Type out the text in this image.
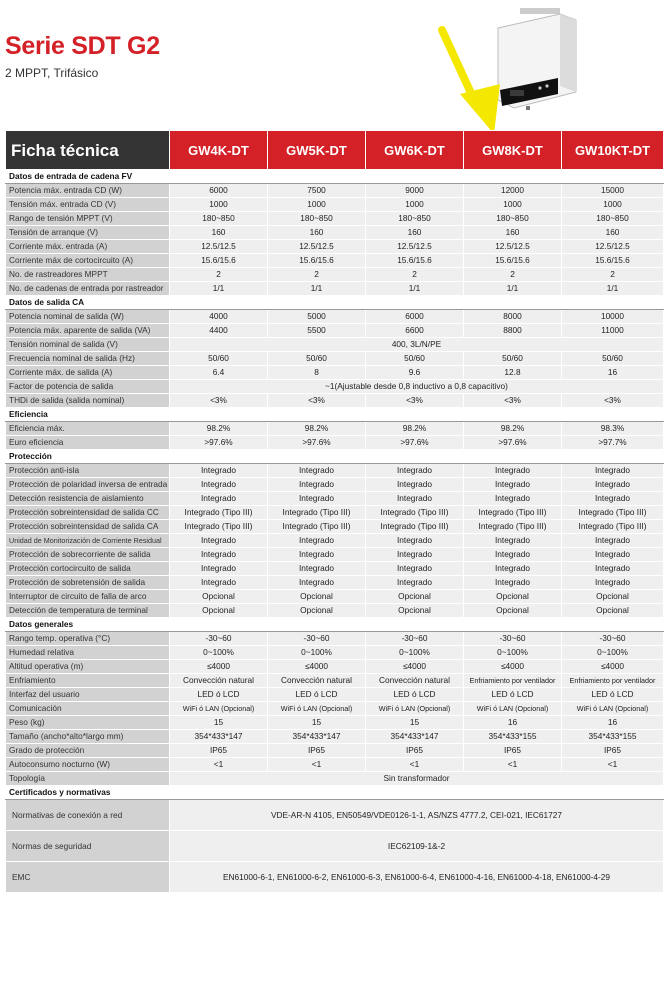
Serie SDT G2
2 MPPT, Trifásico
Ficha técnica	GW4K-DT	GW5K-DT	GW6K-DT	GW8K-DT	GW10KT-DT
Datos de entrada de cadena FV					
Potencia máx. entrada CD (W)	6000	7500	9000	12000	15000
Tensión máx. entrada CD (V)	1000	1000	1000	1000	1000
Rango de tensión MPPT (V)	180~850	180~850	180~850	180~850	180~850
Tensión de arranque (V)	160	160	160	160	160
Corriente máx. entrada (A)	12.5/12.5	12.5/12.5	12.5/12.5	12.5/12.5	12.5/12.5
Corriente máx de cortocircuito (A)	15.6/15.6	15.6/15.6	15.6/15.6	15.6/15.6	15.6/15.6
No. de rastreadores MPPT	2	2	2	2	2
No. de cadenas de entrada por rastreador	1/1	1/1	1/1	1/1	1/1
Datos de salida CA					
Potencia nominal de salida (W)	4000	5000	6000	8000	10000
Potencia máx. aparente de salida (VA)	4400	5500	6600	8800	11000
Tensión nominal de salida (V)	400, 3L/N/PE				
Frecuencia nominal de salida (Hz)	50/60	50/60	50/60	50/60	50/60
Corriente máx. de salida (A)	6.4	8	9.6	12.8	16
Factor de potencia de salida	~1(Ajustable desde 0,8 inductivo a 0,8 capacitivo)				
THDi de salida (salida nominal)	<3%	<3%	<3%	<3%	<3%
Eficiencia					
Eficiencia máx.	98.2%	98.2%	98.2%	98.2%	98.3%
Euro eficiencia	>97.6%	>97.6%	>97.6%	>97.6%	>97.7%
Protección					
Protección anti-isla	Integrado	Integrado	Integrado	Integrado	Integrado
Protección de polaridad inversa de entrada	Integrado	Integrado	Integrado	Integrado	Integrado
Detección resistencia de aislamiento	Integrado	Integrado	Integrado	Integrado	Integrado
Protección sobreintensidad de salida CC	Integrado (Tipo III)	Integrado (Tipo III)	Integrado (Tipo III)	Integrado (Tipo III)	Integrado (Tipo III)
Protección sobreintensidad de salida CA	Integrado (Tipo III)	Integrado (Tipo III)	Integrado (Tipo III)	Integrado (Tipo III)	Integrado (Tipo III)
Unidad de Monitorización de Corriente Residual	Integrado	Integrado	Integrado	Integrado	Integrado
Protección de sobrecorriente de salida	Integrado	Integrado	Integrado	Integrado	Integrado
Protección cortocircuito de salida	Integrado	Integrado	Integrado	Integrado	Integrado
Protección de sobretensión de salida	Integrado	Integrado	Integrado	Integrado	Integrado
Interruptor de circuito de falla de arco	Opcional	Opcional	Opcional	Opcional	Opcional
Detección de temperatura de terminal	Opcional	Opcional	Opcional	Opcional	Opcional
Datos generales					
Rango temp. operativa (°C)	-30~60	-30~60	-30~60	-30~60	-30~60
Humedad relativa	0~100%	0~100%	0~100%	0~100%	0~100%
Altitud operativa (m)	≤4000	≤4000	≤4000	≤4000	≤4000
Enfriamiento	Convección natural	Convección natural	Convección natural	Enfriamiento por ventilador	Enfriamiento por ventilador
Interfaz del usuario	LED ó LCD	LED ó LCD	LED ó LCD	LED ó LCD	LED ó LCD
Comunicación	WiFi ó LAN (Opcional)	WiFi ó LAN (Opcional)	WiFi ó LAN (Opcional)	WiFi ó LAN (Opcional)	WiFi ó LAN (Opcional)
Peso (kg)	15	15	15	16	16
Tamaño (ancho*alto*largo mm)	354*433*147	354*433*147	354*433*147	354*433*155	354*433*155
Grado de protección	IP65	IP65	IP65	IP65	IP65
Autoconsumo nocturno (W)	<1	<1	<1	<1	<1
Topología	Sin transformador				
Certificados y normativas					
Normativas de conexión a red	VDE-AR-N 4105, EN50549/VDE0126-1-1, AS/NZS 4777.2, CEI-021, IEC61727				
Normas de seguridad	IEC62109-1&-2				
EMC	EN61000-6-1, EN61000-6-2, EN61000-6-3, EN61000-6-4, EN61000-4-16, EN61000-4-18, EN61000-4-29				
